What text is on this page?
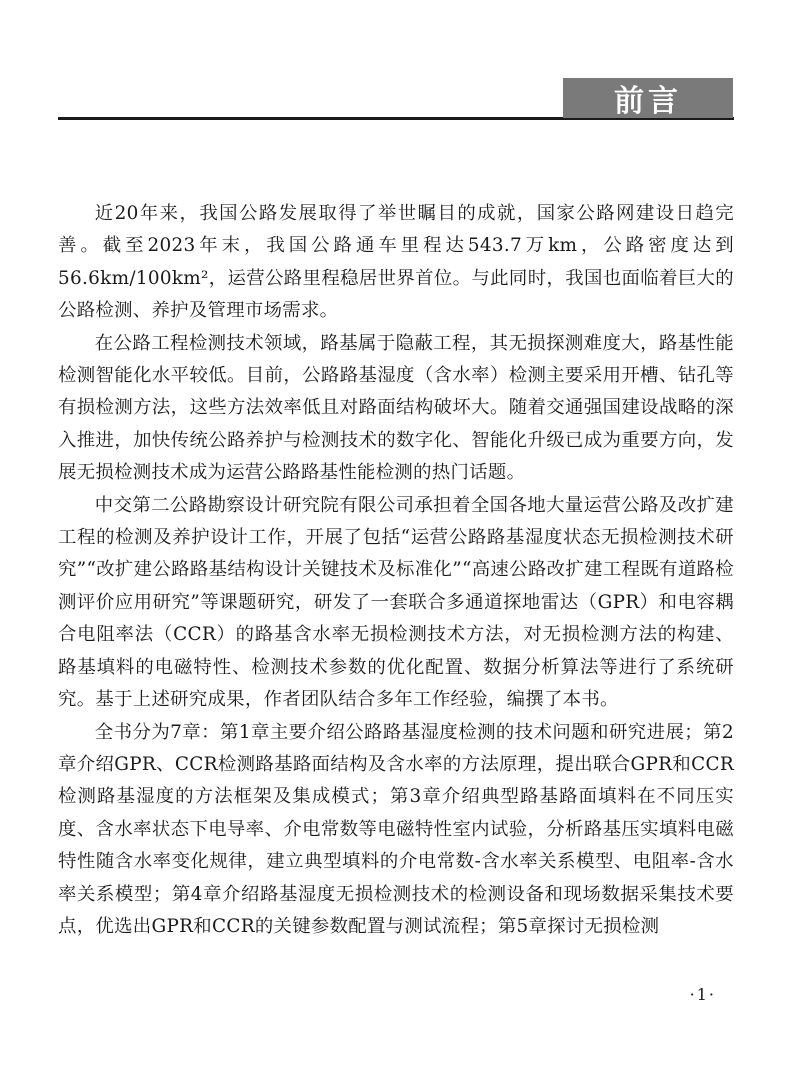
前言

近20年来，我国公路发展取得了举世瞩目的成就，国家公路网建设日趋完善。截至2023年末，我国公路通车里程达543.7万km，公路密度达到56.6km/100km²，运营公路里程稳居世界首位。与此同时，我国也面临着巨大的公路检测、养护及管理市场需求。

在公路工程检测技术领域，路基属于隐蔽工程，其无损探测难度大，路基性能检测智能化水平较低。目前，公路路基湿度（含水率）检测主要采用开槽、钻孔等有损检测方法，这些方法效率低且对路面结构破坏大。随着交通强国建设战略的深入推进，加快传统公路养护与检测技术的数字化、智能化升级已成为重要方向，发展无损检测技术成为运营公路路基性能检测的热门话题。

中交第二公路勘察设计研究院有限公司承担着全国各地大量运营公路及改扩建工程的检测及养护设计工作，开展了包括“运营公路路基湿度状态无损检测技术研究”“改扩建公路路基结构设计关键技术及标准化”“高速公路改扩建工程既有道路检测评价应用研究”等课题研究，研发了一套联合多通道探地雷达（GPR）和电容耦合电阻率法（CCR）的路基含水率无损检测技术方法，对无损检测方法的构建、路基填料的电磁特性、检测技术参数的优化配置、数据分析算法等进行了系统研究。基于上述研究成果，作者团队结合多年工作经验，编撰了本书。

全书分为7章：第1章主要介绍公路路基湿度检测的技术问题和研究进展；第2章介绍GPR、CCR检测路基路面结构及含水率的方法原理，提出联合GPR和CCR检测路基湿度的方法框架及集成模式；第3章介绍典型路基路面填料在不同压实度、含水率状态下电导率、介电常数等电磁特性室内试验，分析路基压实填料电磁特性随含水率变化规律，建立典型填料的介电常数-含水率关系模型、电阻率-含水率关系模型；第4章介绍路基湿度无损检测技术的检测设备和现场数据采集技术要点，优选出GPR和CCR的关键参数配置与测试流程；第5章探讨无损检测

·1·
